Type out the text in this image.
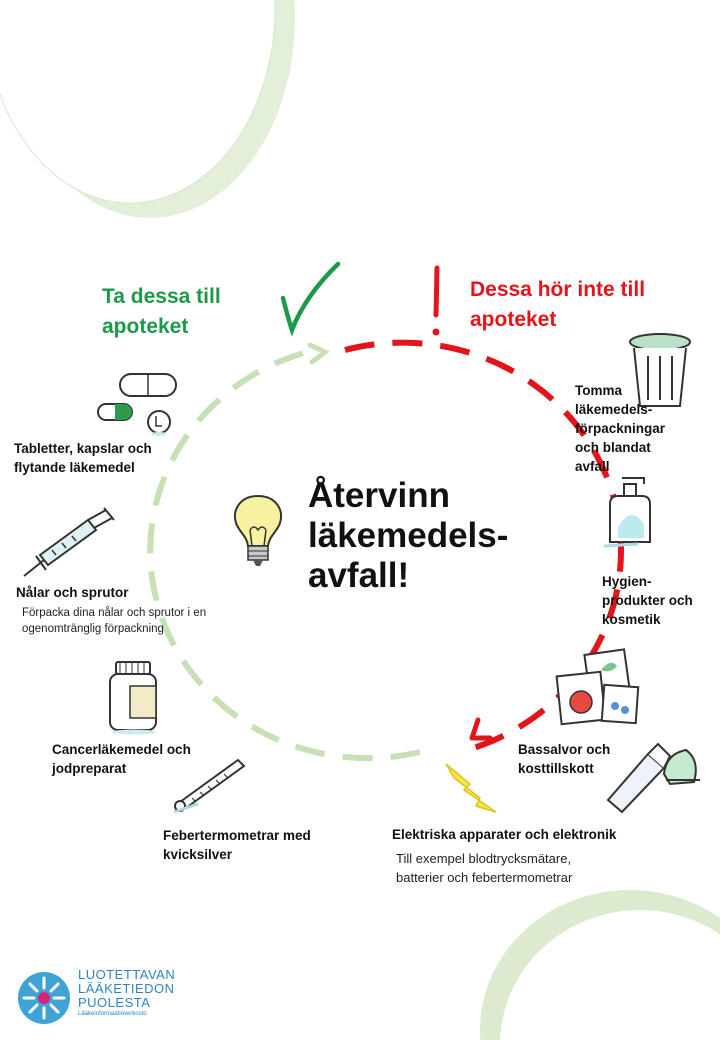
Ta dessa till apoteket
Dessa hör inte till apoteket
Återvinn
läkemedels-
avfall!
Tabletter, kapslar och flytande läkemedel
Nålar och sprutor
Förpacka dina nålar och sprutor i en ogenomtränglig förpackning
Cancerläkemedel och jodpreparat
Febertermometrar med kvicksilver
Tomma läkemedels-förpackningar och blandat avfall
Hygien-produkter och kosmetik
Bassalvor och kosttillskott
Elektriska apparater och elektronik
Till exempel blodtrycksmätare, batterier och febertermometrar
LUOTETTAVAN
LÄÄKETIEDON
PUOLESTA
Lääkeinformaatioverkosto
